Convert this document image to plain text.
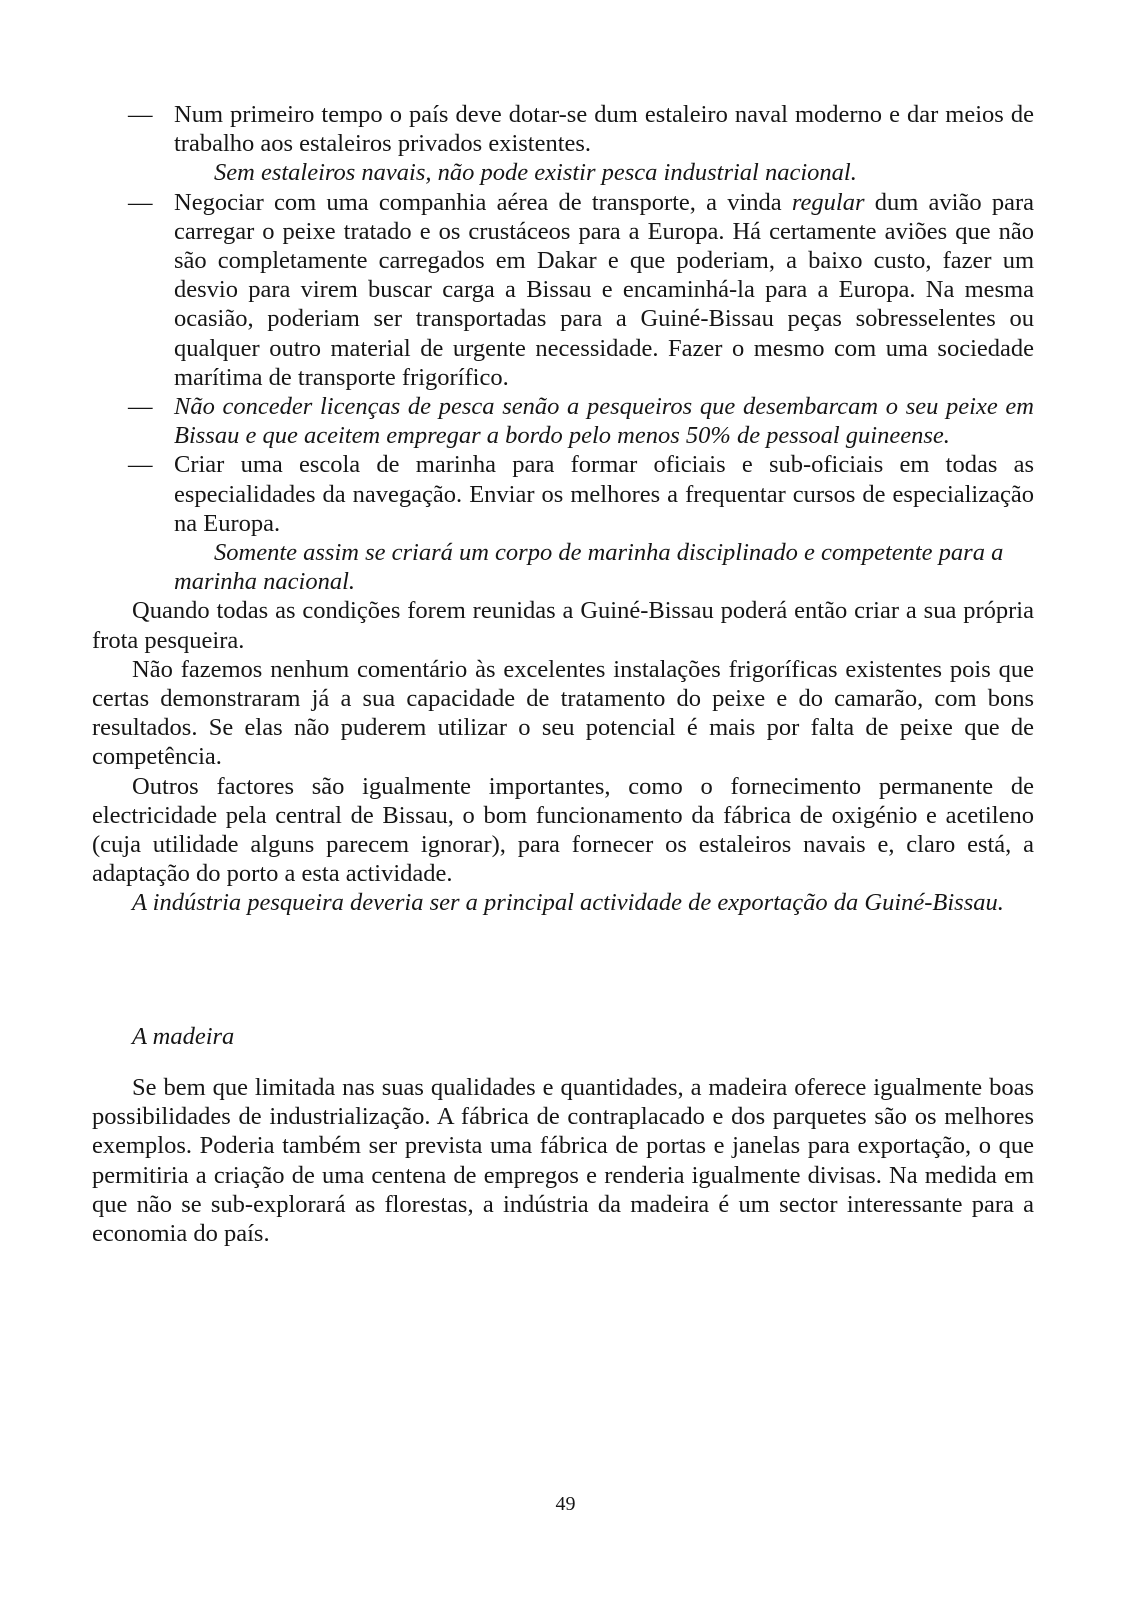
— Num primeiro tempo o país deve dotar-se dum estaleiro naval moderno e dar meios de trabalho aos estaleiros privados existentes.

Sem estaleiros navais, não pode existir pesca industrial nacional.

— Negociar com uma companhia aérea de transporte, a vinda regular dum avião para carregar o peixe tratado e os crustáceos para a Europa. Há certamente aviões que não são completamente carregados em Dakar e que poderiam, a baixo custo, fazer um desvio para virem buscar carga a Bissau e encaminhá-la para a Europa. Na mesma ocasião, poderiam ser transportadas para a Guiné-Bissau peças sobresselentes ou qualquer outro material de urgente necessidade. Fazer o mesmo com uma sociedade marítima de transporte frigorífico.

— Não conceder licenças de pesca senão a pesqueiros que desembarcam o seu peixe em Bissau e que aceitem empregar a bordo pelo menos 50% de pessoal guineense.

— Criar uma escola de marinha para formar oficiais e sub-oficiais em todas as especialidades da navegação. Enviar os melhores a frequentar cursos de especialização na Europa.

Somente assim se criará um corpo de marinha disciplinado e competente para a marinha nacional.

Quando todas as condições forem reunidas a Guiné-Bissau poderá então criar a sua própria frota pesqueira.

Não fazemos nenhum comentário às excelentes instalações frigoríficas existentes pois que certas demonstraram já a sua capacidade de tratamento do peixe e do camarão, com bons resultados. Se elas não puderem utilizar o seu potencial é mais por falta de peixe que de competência.

Outros factores são igualmente importantes, como o fornecimento permanente de electricidade pela central de Bissau, o bom funcionamento da fábrica de oxigénio e acetileno (cuja utilidade alguns parecem ignorar), para fornecer os estaleiros navais e, claro está, a adaptação do porto a esta actividade.

A indústria pesqueira deveria ser a principal actividade de exportação da Guiné-Bissau.

A madeira

Se bem que limitada nas suas qualidades e quantidades, a madeira oferece igualmente boas possibilidades de industrialização. A fábrica de contraplacado e dos parquetes são os melhores exemplos. Poderia também ser prevista uma fábrica de portas e janelas para exportação, o que permitiria a criação de uma centena de empregos e renderia igualmente divisas. Na medida em que não se sub-explorará as florestas, a indústria da madeira é um sector interessante para a economia do país.

49
